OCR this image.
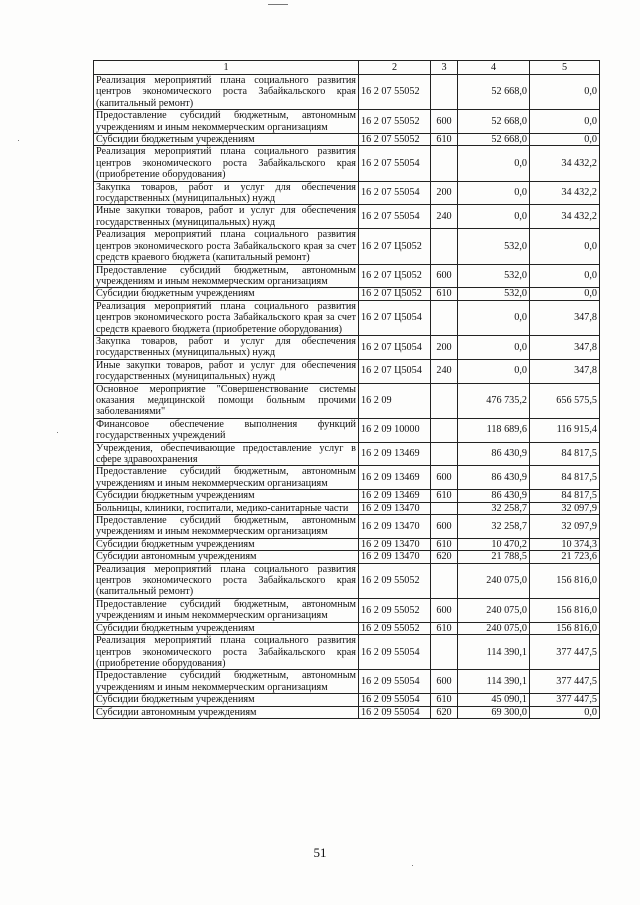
1	2	3	4	5
Реализация мероприятий плана социального развития центров экономического роста Забайкальского края (капитальный ремонт)	16 2 07 55052		52 668,0	0,0
Предоставление субсидий бюджетным, автономным учреждениям и иным некоммерческим организациям	16 2 07 55052	600	52 668,0	0,0
Субсидии бюджетным учреждениям	16 2 07 55052	610	52 668,0	0,0
Реализация мероприятий плана социального развития центров экономического роста Забайкальского края (приобретение оборудования)	16 2 07 55054		0,0	34 432,2
Закупка товаров, работ и услуг для обеспечения государственных (муниципальных) нужд	16 2 07 55054	200	0,0	34 432,2
Иные закупки товаров, работ и услуг для обеспечения государственных (муниципальных) нужд	16 2 07 55054	240	0,0	34 432,2
Реализация мероприятий плана социального развития центров экономического роста Забайкальского края за счет средств краевого бюджета (капитальный ремонт)	16 2 07 Ц5052		532,0	0,0
Предоставление субсидий бюджетным, автономным учреждениям и иным некоммерческим организациям	16 2 07 Ц5052	600	532,0	0,0
Субсидии бюджетным учреждениям	16 2 07 Ц5052	610	532,0	0,0
Реализация мероприятий плана социального развития центров экономического роста Забайкальского края за счет средств краевого бюджета (приобретение оборудования)	16 2 07 Ц5054		0,0	347,8
Закупка товаров, работ и услуг для обеспечения государственных (муниципальных) нужд	16 2 07 Ц5054	200	0,0	347,8
Иные закупки товаров, работ и услуг для обеспечения государственных (муниципальных) нужд	16 2 07 Ц5054	240	0,0	347,8
Основное мероприятие "Совершенствование системы оказания медицинской помощи больным прочими заболеваниями"	16 2 09		476 735,2	656 575,5
Финансовое обеспечение выполнения функций государственных учреждений	16 2 09 10000		118 689,6	116 915,4
Учреждения, обеспечивающие предоставление услуг в сфере здравоохранения	16 2 09 13469		86 430,9	84 817,5
Предоставление субсидий бюджетным, автономным учреждениям и иным некоммерческим организациям	16 2 09 13469	600	86 430,9	84 817,5
Субсидии бюджетным учреждениям	16 2 09 13469	610	86 430,9	84 817,5
Больницы, клиники, госпитали, медико-санитарные части	16 2 09 13470		32 258,7	32 097,9
Предоставление субсидий бюджетным, автономным учреждениям и иным некоммерческим организациям	16 2 09 13470	600	32 258,7	32 097,9
Субсидии бюджетным учреждениям	16 2 09 13470	610	10 470,2	10 374,3
Субсидии автономным учреждениям	16 2 09 13470	620	21 788,5	21 723,6
Реализация мероприятий плана социального развития центров экономического роста Забайкальского края (капитальный ремонт)	16 2 09 55052		240 075,0	156 816,0
Предоставление субсидий бюджетным, автономным учреждениям и иным некоммерческим организациям	16 2 09 55052	600	240 075,0	156 816,0
Субсидии бюджетным учреждениям	16 2 09 55052	610	240 075,0	156 816,0
Реализация мероприятий плана социального развития центров экономического роста Забайкальского края (приобретение оборудования)	16 2 09 55054		114 390,1	377 447,5
Предоставление субсидий бюджетным, автономным учреждениям и иным некоммерческим организациям	16 2 09 55054	600	114 390,1	377 447,5
Субсидии бюджетным учреждениям	16 2 09 55054	610	45 090,1	377 447,5
Субсидии автономным учреждениям	16 2 09 55054	620	69 300,0	0,0
51
